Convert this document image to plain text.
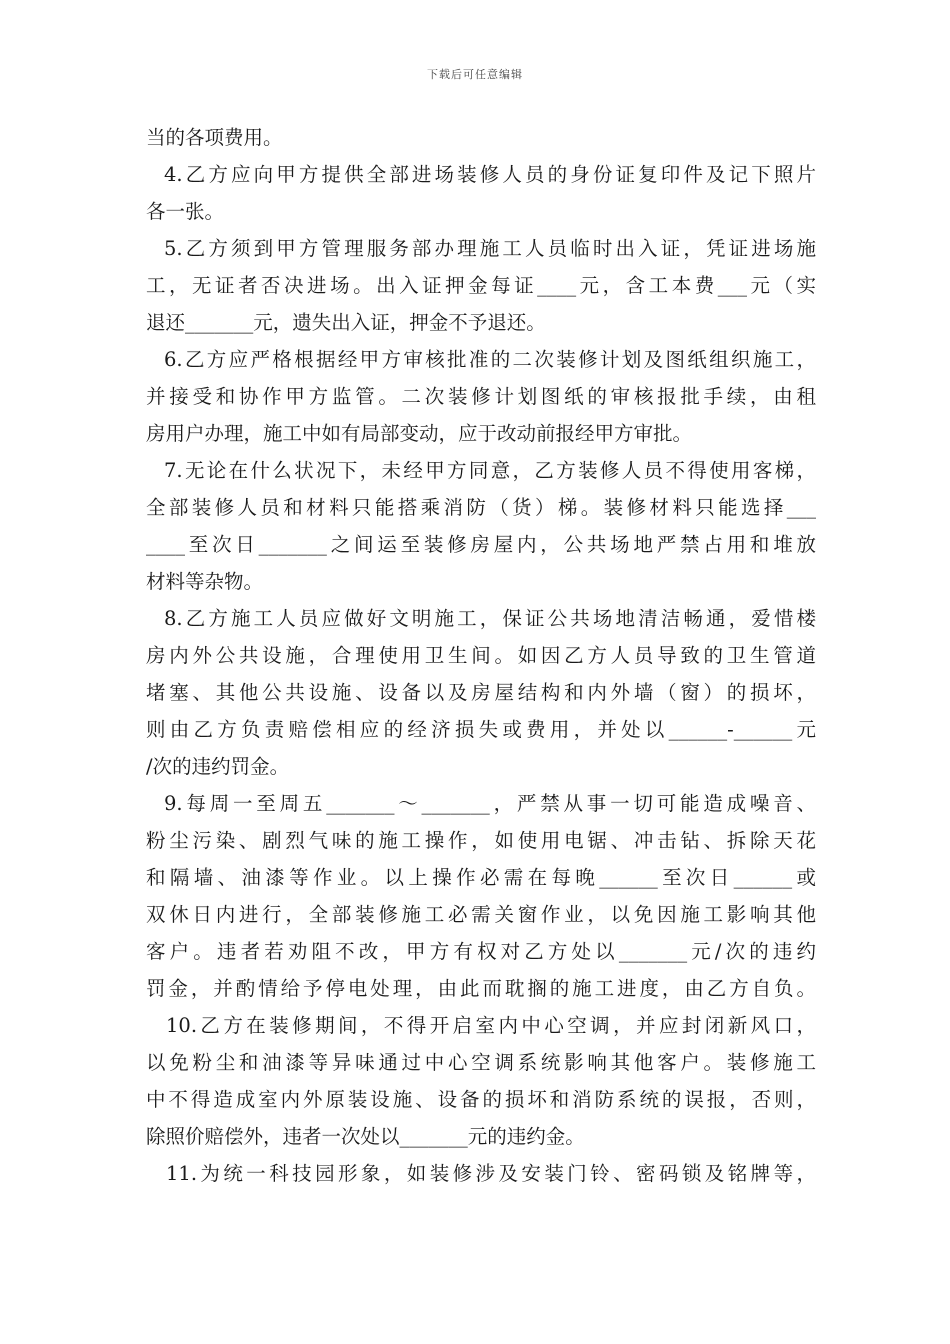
下载后可任意编辑
当的各项费用。
4.乙方应向甲方提供全部进场装修人员的身份证复印件及记下照片
各一张。
5.乙方须到甲方管理服务部办理施工人员临时出入证，凭证进场施
工，无证者否决进场。出入证押金每证____元，含工本费___元（实
退还_______元，遗失出入证，押金不予退还。
6.乙方应严格根据经甲方审核批准的二次装修计划及图纸组织施工，
并接受和协作甲方监管。二次装修计划图纸的审核报批手续，由租
房用户办理，施工中如有局部变动，应于改动前报经甲方审批。
7.无论在什么状况下，未经甲方同意，乙方装修人员不得使用客梯，
全部装修人员和材料只能搭乘消防（货）梯。装修材料只能选择___
____至次日_______之间运至装修房屋内，公共场地严禁占用和堆放
材料等杂物。
8.乙方施工人员应做好文明施工，保证公共场地清洁畅通，爱惜楼
房内外公共设施，合理使用卫生间。如因乙方人员导致的卫生管道
堵塞、其他公共设施、设备以及房屋结构和内外墙（窗）的损坏，
则由乙方负责赔偿相应的经济损失或费用，并处以______-______元
/次的违约罚金。
9.每周一至周五_______～_______，严禁从事一切可能造成噪音、
粉尘污染、剧烈气味的施工操作，如使用电锯、冲击钻、拆除天花
和隔墙、油漆等作业。以上操作必需在每晚______至次日______或
双休日内进行，全部装修施工必需关窗作业，以免因施工影响其他
客户。违者若劝阻不改，甲方有权对乙方处以_______元/次的违约
罚金，并酌情给予停电处理，由此而耽搁的施工进度，由乙方自负。
10.乙方在装修期间，不得开启室内中心空调，并应封闭新风口，
以免粉尘和油漆等异味通过中心空调系统影响其他客户。装修施工
中不得造成室内外原装设施、设备的损坏和消防系统的误报，否则，
除照价赔偿外，违者一次处以_______元的违约金。
11.为统一科技园形象，如装修涉及安装门铃、密码锁及铭牌等，
